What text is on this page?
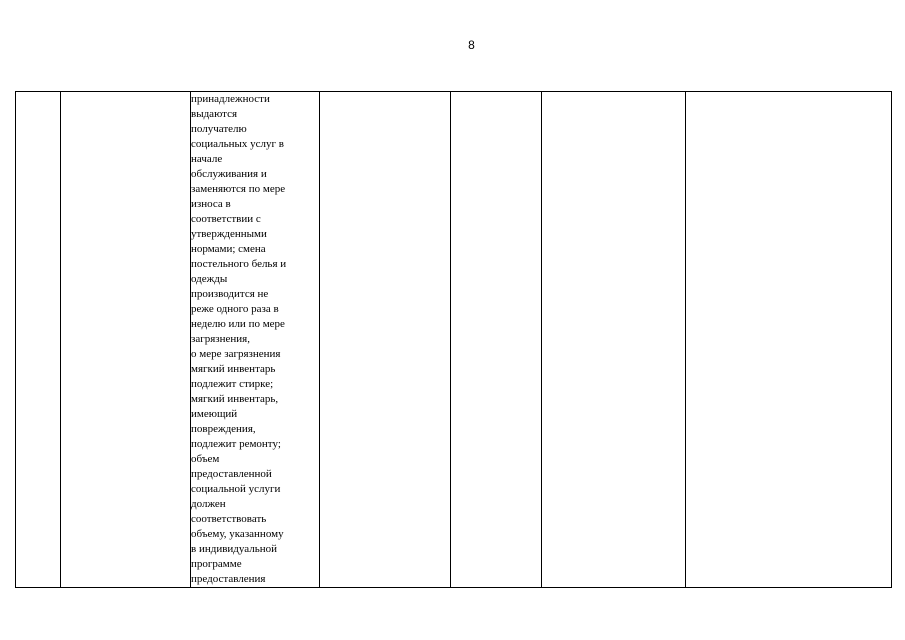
8

принадлежности
выдаются
получателю
социальных услуг в
начале
обслуживания и
заменяются по мере
износа в
соответствии с
утвержденными
нормами; смена
постельного белья и
одежды
производится не
реже одного раза в
неделю или по мере
загрязнения,
о мере загрязнения
мягкий инвентарь
подлежит стирке;
мягкий инвентарь,
имеющий
повреждения,
подлежит ремонту;
объем
предоставленной
социальной услуги
должен
соответствовать
объему, указанному
в индивидуальной
программе
предоставления
